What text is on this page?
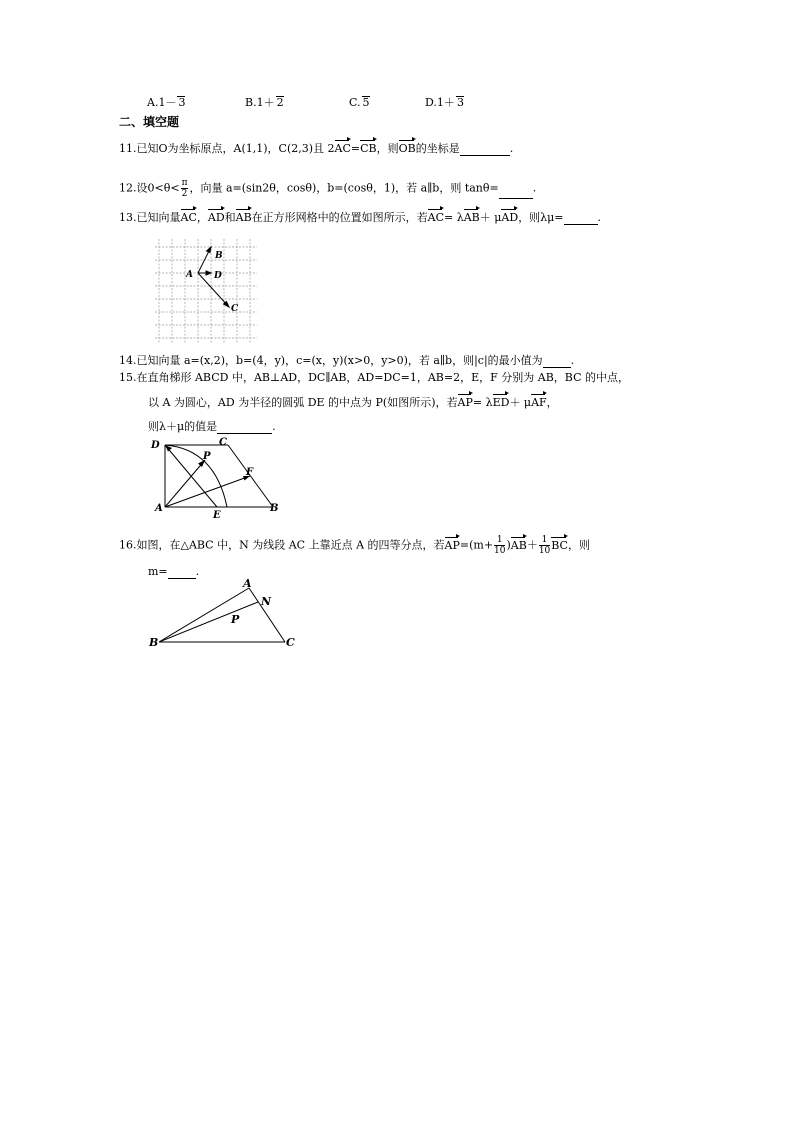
A.1－ 3	B.1＋ 2	C. 5	D.1＋ 3
二、填空题
11.已知O为坐标原点，A(1,1)，C(2,3)且 2AC=CB，则OB的坐标是	.
12.设$0<\theta< \frac{\pi}{2}$ ，向量 a=(sin2θ，cosθ)，b=(cosθ，1)，若 a∥b，则 tanθ=	.
13.已知向量AC，AD和AB在正方形网格中的位置如图所示，若AC= λAB＋ μAD，则λμ=	.
A
B
D
C
14.已知向量 a=(x,2)，b=(4，y)，c=(x，y)(x>0，y>0)，若 a∥b，则|c|的最小值为	.
15.在直角梯形 ABCD 中，AB⊥AD，DC∥AB，AD=DC=1，AB=2，E，F 分别为 AB，BC 的中点，
以 A 为圆心，AD 为半径的圆弧 DE 的中点为 P(如图所示)，若AP= λED＋ μAF，
则λ＋μ的值是	.
D	C
P
F
A
E
B
16.如图，在△ABC 中，N 为线段 AC 上靠近点 A 的四等分点，若$AP=(m+ \frac{1}{10} )AB+ \frac{1}{10}$ BC，则
m=	.
A
N
P
B	C
